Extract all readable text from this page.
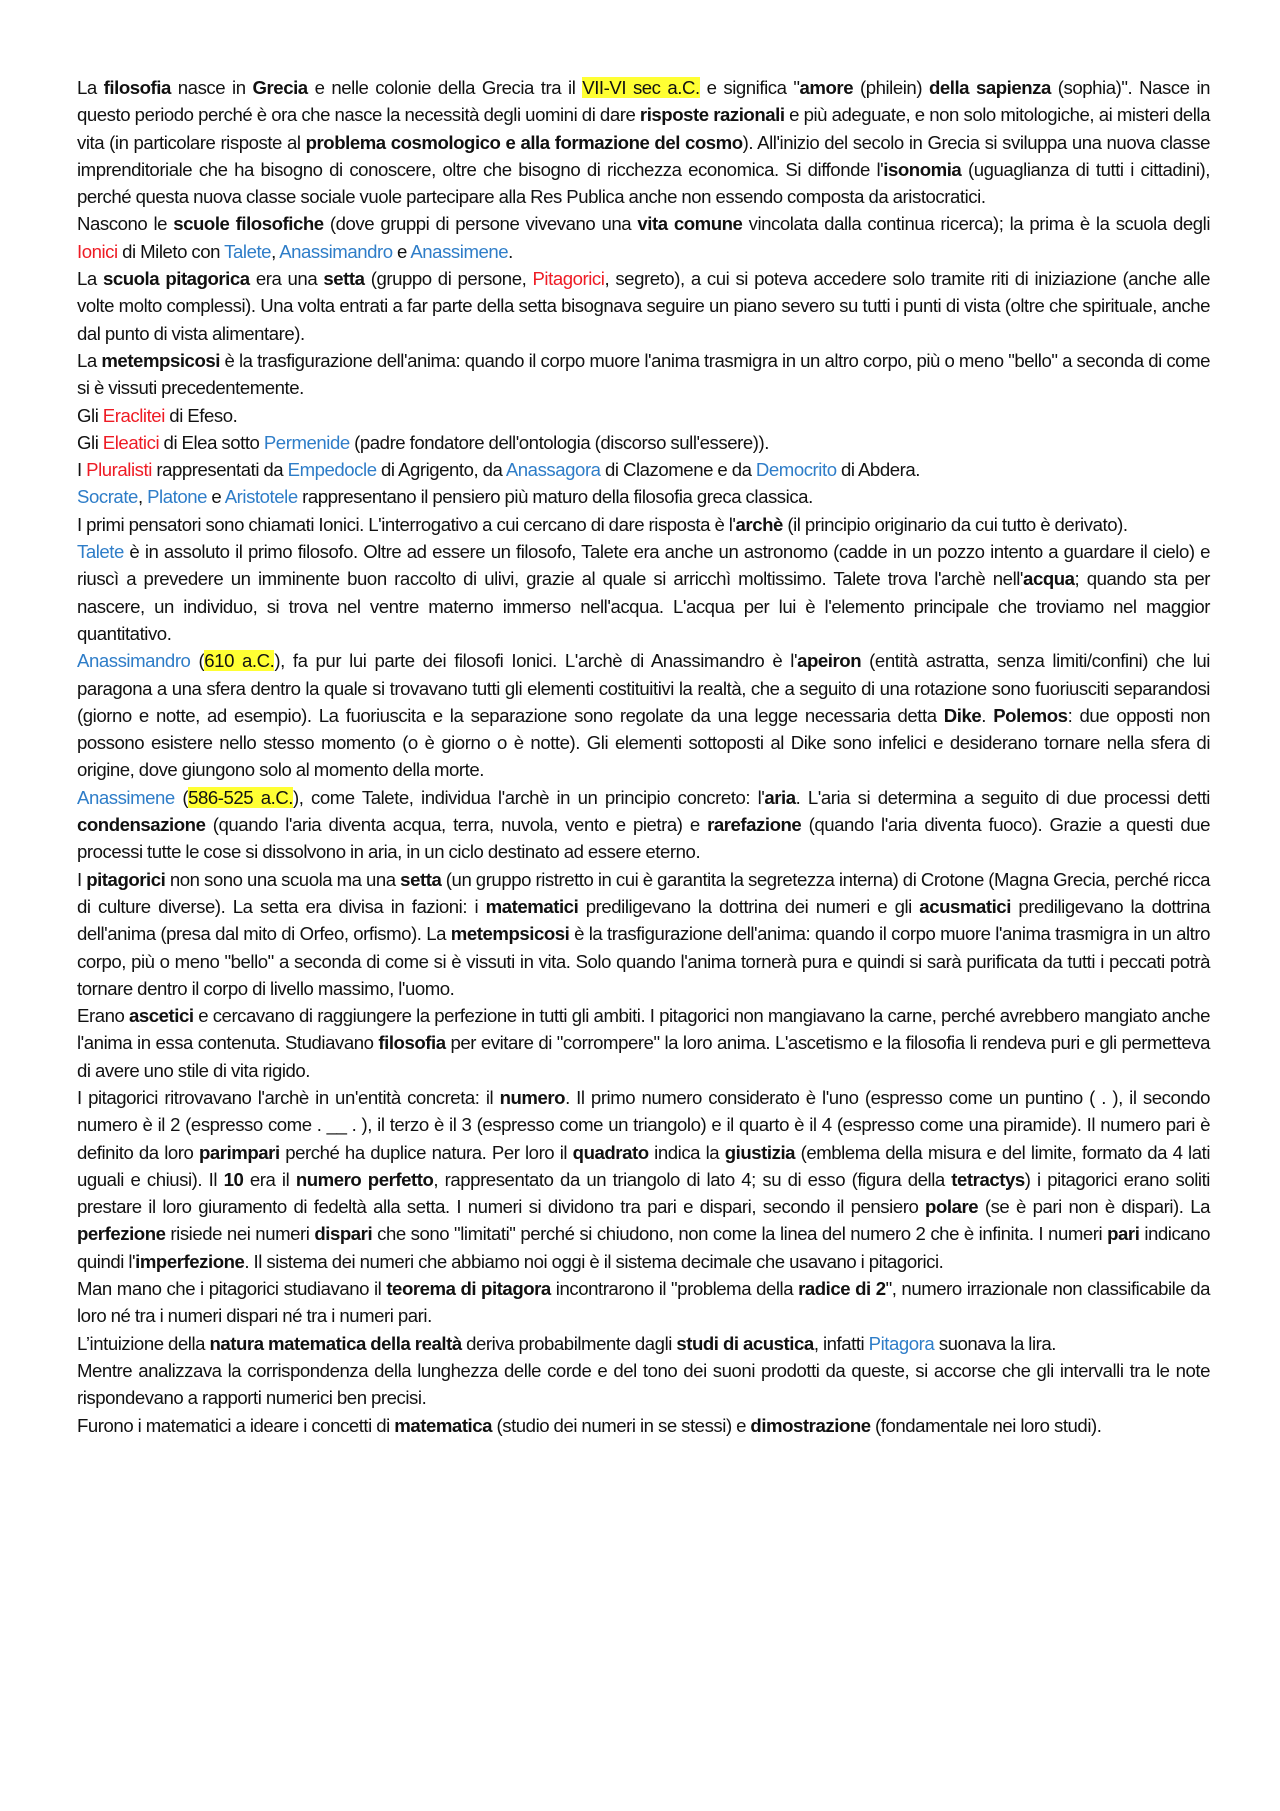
La filosofia nasce in Grecia e nelle colonie della Grecia tra il VII-VI sec a.C. e significa "amore (philein) della sapienza (sophia)". Nasce in questo periodo perché è ora che nasce la necessità degli uomini di dare risposte razionali e più adeguate, e non solo mitologiche, ai misteri della vita (in particolare risposte al problema cosmologico e alla formazione del cosmo). All'inizio del secolo in Grecia si sviluppa una nuova classe imprenditoriale che ha bisogno di conoscere, oltre che bisogno di ricchezza economica. Si diffonde l'isonomia (uguaglianza di tutti i cittadini), perché questa nuova classe sociale vuole partecipare alla Res Publica anche non essendo composta da aristocratici.

Nascono le scuole filosofiche (dove gruppi di persone vivevano una vita comune vincolata dalla continua ricerca); la prima è la scuola degli Ionici di Mileto con Talete, Anassimandro e Anassimene.

La scuola pitagorica era una setta (gruppo di persone, Pitagorici, segreto), a cui si poteva accedere solo tramite riti di iniziazione (anche alle volte molto complessi). Una volta entrati a far parte della setta bisognava seguire un piano severo su tutti i punti di vista (oltre che spirituale, anche dal punto di vista alimentare).

La metempsicosi è la trasfigurazione dell'anima: quando il corpo muore l'anima trasmigra in un altro corpo, più o meno "bello" a seconda di come si è vissuti precedentemente.

Gli Eraclitei di Efeso.

Gli Eleatici di Elea sotto Permenide (padre fondatore dell'ontologia (discorso sull'essere)).

I Pluralisti rappresentati da Empedocle di Agrigento, da Anassagora di Clazomene e da Democrito di Abdera.

Socrate, Platone e Aristotele rappresentano il pensiero più maturo della filosofia greca classica.

I primi pensatori sono chiamati Ionici. L'interrogativo a cui cercano di dare risposta è l'archè (il principio originario da cui tutto è derivato).

Talete è in assoluto il primo filosofo. Oltre ad essere un filosofo, Talete era anche un astronomo (cadde in un pozzo intento a guardare il cielo) e riuscì a prevedere un imminente buon raccolto di ulivi, grazie al quale si arricchì moltissimo. Talete trova l'archè nell'acqua; quando sta per nascere, un individuo, si trova nel ventre materno immerso nell'acqua. L'acqua per lui è l'elemento principale che troviamo nel maggior quantitativo.

Anassimandro (610 a.C.), fa pur lui parte dei filosofi Ionici. L'archè di Anassimandro è l'apeiron (entità astratta, senza limiti/confini) che lui paragona a una sfera dentro la quale si trovavano tutti gli elementi costituitivi la realtà, che a seguito di una rotazione sono fuoriusciti separandosi (giorno e notte, ad esempio). La fuoriuscita e la separazione sono regolate da una legge necessaria detta Dike. Polemos: due opposti non possono esistere nello stesso momento (o è giorno o è notte). Gli elementi sottoposti al Dike sono infelici e desiderano tornare nella sfera di origine, dove giungono solo al momento della morte.

Anassimene (586-525 a.C.), come Talete, individua l'archè in un principio concreto: l'aria. L'aria si determina a seguito di due processi detti condensazione (quando l'aria diventa acqua, terra, nuvola, vento e pietra) e rarefazione (quando l'aria diventa fuoco). Grazie a questi due processi tutte le cose si dissolvono in aria, in un ciclo destinato ad essere eterno.

I pitagorici non sono una scuola ma una setta (un gruppo ristretto in cui è garantita la segretezza interna) di Crotone (Magna Grecia, perché ricca di culture diverse). La setta era divisa in fazioni: i matematici prediligevano la dottrina dei numeri e gli acusmatici prediligevano la dottrina dell'anima (presa dal mito di Orfeo, orfismo). La metempsicosi è la trasfigurazione dell'anima: quando il corpo muore l'anima trasmigra in un altro corpo, più o meno "bello" a seconda di come si è vissuti in vita. Solo quando l'anima tornerà pura e quindi si sarà purificata da tutti i peccati potrà tornare dentro il corpo di livello massimo, l'uomo.

Erano ascetici e cercavano di raggiungere la perfezione in tutti gli ambiti. I pitagorici non mangiavano la carne, perché avrebbero mangiato anche l'anima in essa contenuta. Studiavano filosofia per evitare di "corrompere" la loro anima. L'ascetismo e la filosofia li rendeva puri e gli permetteva di avere uno stile di vita rigido.

I pitagorici ritrovavano l'archè in un'entità concreta: il numero. Il primo numero considerato è l'uno (espresso come un puntino ( . ), il secondo numero è il 2 (espresso come . __ . ), il terzo è il 3 (espresso come un triangolo) e il quarto è il 4 (espresso come una piramide). Il numero pari è definito da loro parimpari perché ha duplice natura. Per loro il quadrato indica la giustizia (emblema della misura e del limite, formato da 4 lati uguali e chiusi). Il 10 era il numero perfetto, rappresentato da un triangolo di lato 4; su di esso (figura della tetractys) i pitagorici erano soliti prestare il loro giuramento di fedeltà alla setta. I numeri si dividono tra pari e dispari, secondo il pensiero polare (se è pari non è dispari). La perfezione risiede nei numeri dispari che sono "limitati" perché si chiudono, non come la linea del numero 2 che è infinita. I numeri pari indicano quindi l'imperfezione. Il sistema dei numeri che abbiamo noi oggi è il sistema decimale che usavano i pitagorici.

Man mano che i pitagorici studiavano il teorema di pitagora incontrarono il "problema della radice di 2", numero irrazionale non classificabile da loro né tra i numeri dispari né tra i numeri pari.

L’intuizione della natura matematica della realtà deriva probabilmente dagli studi di acustica, infatti Pitagora suonava la lira.

Mentre analizzava la corrispondenza della lunghezza delle corde e del tono dei suoni prodotti da queste, si accorse che gli intervalli tra le note rispondevano a rapporti numerici ben precisi.

Furono i matematici a ideare i concetti di matematica (studio dei numeri in se stessi) e dimostrazione (fondamentale nei loro studi).
